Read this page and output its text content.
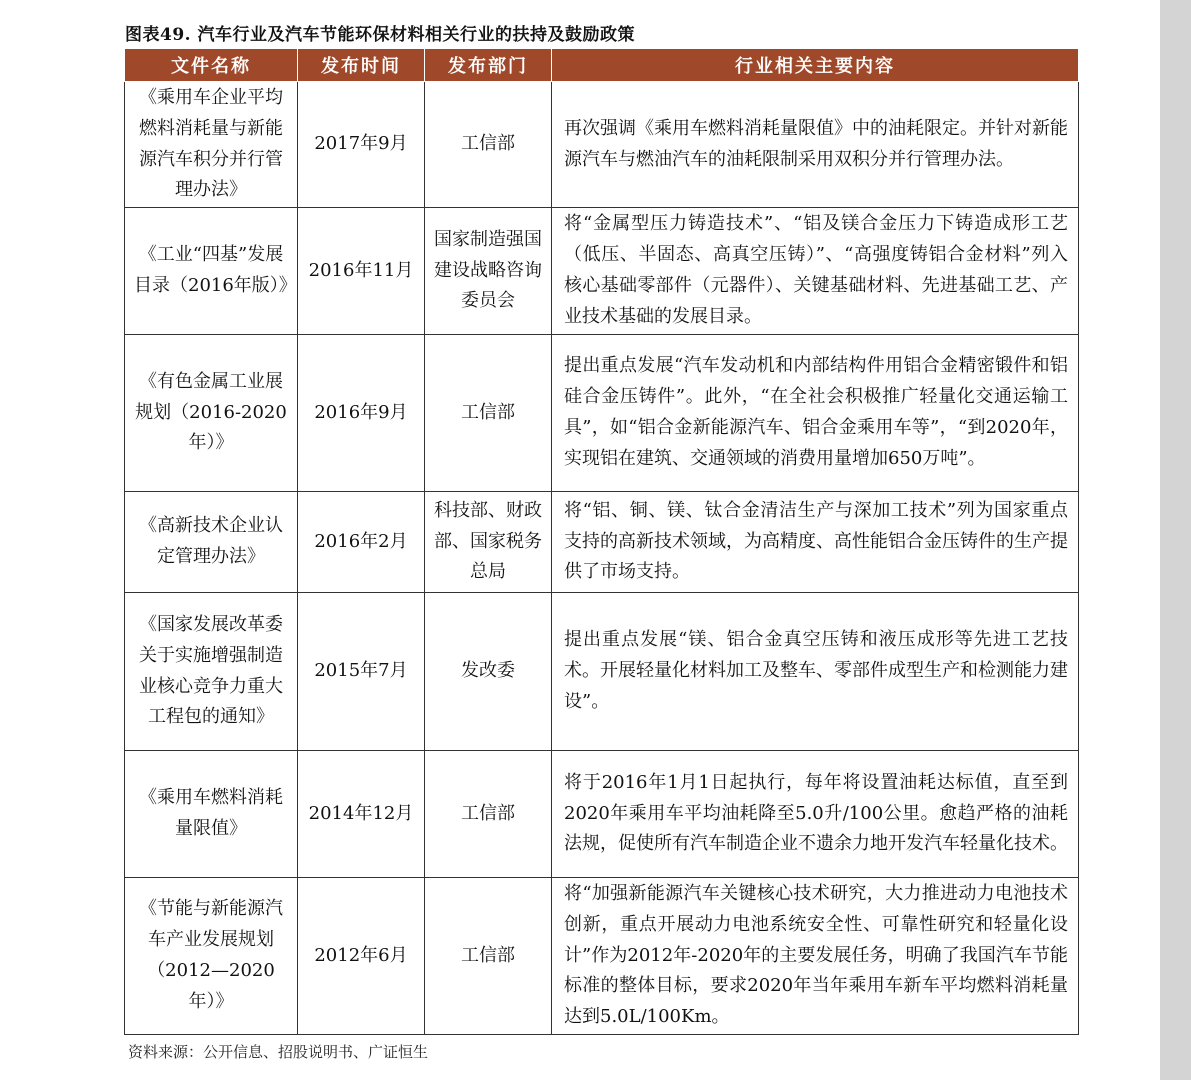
图表49. 汽车行业及汽车节能环保材料相关行业的扶持及鼓励政策
文件名称	发布时间	发布部门	行业相关主要内容
《乘用车企业平均燃料消耗量与新能源汽车积分并行管理办法》	2017年9月	工信部	再次强调《乘用车燃料消耗量限值》中的油耗限定。并针对新能源汽车与燃油汽车的油耗限制采用双积分并行管理办法。
《工业“四基”发展目录（2016年版）》	2016年11月	国家制造强国建设战略咨询委员会	将“金属型压力铸造技术”、“铝及镁合金压力下铸造成形工艺（低压、半固态、高真空压铸）”、“高强度铸铝合金材料”列入核心基础零部件（元器件）、关键基础材料、先进基础工艺、产业技术基础的发展目录。
《有色金属工业展规划（2016-2020年）》	2016年9月	工信部	提出重点发展“汽车发动机和内部结构件用铝合金精密锻件和铝硅合金压铸件”。此外，“在全社会积极推广轻量化交通运输工具”，如“铝合金新能源汽车、铝合金乘用车等”，“到2020年，实现铝在建筑、交通领域的消费用量增加650万吨”。
《高新技术企业认定管理办法》	2016年2月	科技部、财政部、国家税务总局	将“铝、铜、镁、钛合金清洁生产与深加工技术”列为国家重点支持的高新技术领域，为高精度、高性能铝合金压铸件的生产提供了市场支持。
《国家发展改革委关于实施增强制造业核心竞争力重大工程包的通知》	2015年7月	发改委	提出重点发展“镁、铝合金真空压铸和液压成形等先进工艺技术。开展轻量化材料加工及整车、零部件成型生产和检测能力建设”。
《乘用车燃料消耗量限值》	2014年12月	工信部	将于2016年1月1日起执行，每年将设置油耗达标值，直至到2020年乘用车平均油耗降至5.0升/100公里。愈趋严格的油耗法规，促使所有汽车制造企业不遗余力地开发汽车轻量化技术。
《节能与新能源汽车产业发展规划（2012—2020年）》	2012年6月	工信部	将“加强新能源汽车关键核心技术研究，大力推进动力电池技术创新，重点开展动力电池系统安全性、可靠性研究和轻量化设计”作为2012年-2020年的主要发展任务，明确了我国汽车节能标准的整体目标，要求2020年当年乘用车新车平均燃料消耗量达到5.0L/100Km。
资料来源：公开信息、招股说明书、广证恒生
